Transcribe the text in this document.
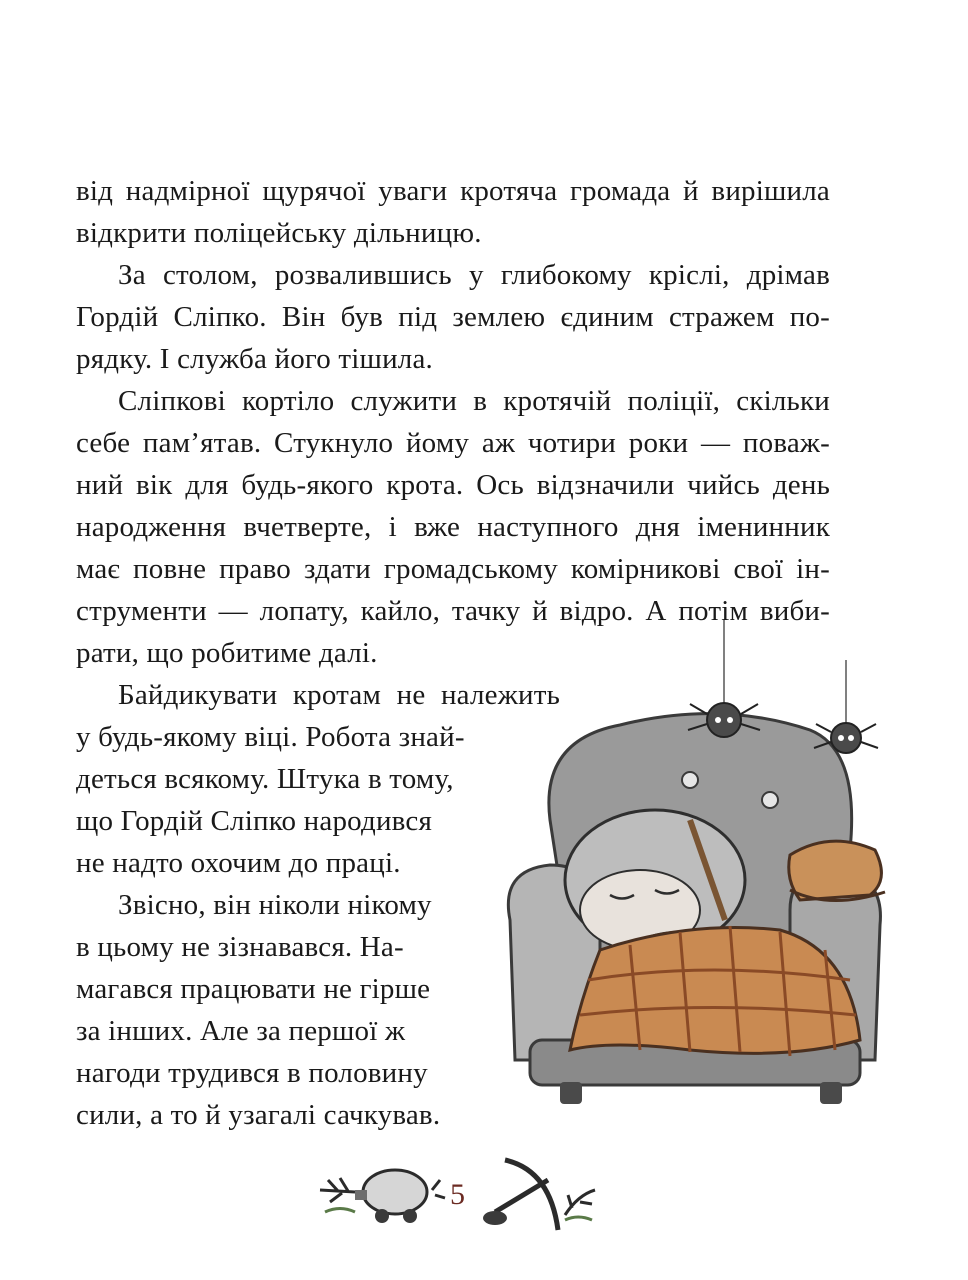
від надмірної щурячої уваги кротяча громада й вирішила
відкрити поліцейську дільницю.
За столом, розвалившись у глибокому кріслі, дрімав
Гордій Сліпко. Він був під землею єдиним стражем по-
рядку. І служба його тішила.
Сліпкові кортіло служити в кротячій поліції, скільки
себе пам’ятав. Стукнуло йому аж чотири роки — поваж-
ний вік для будь-якого крота. Ось відзначили чийсь день
народження вчетверте, і вже наступного дня іменинник
має повне право здати громадському комірникові свої ін-
струменти — лопату, кайло, тачку й відро. А потім виби-
рати, що робитиме далі.
Байдикувати кротам не належить
у будь-якому віці. Робота знай-
деться всякому. Штука в тому,
що Гордій Сліпко народився
не надто охочим до праці.
Звісно, він ніколи нікому
в цьому не зізнавався. На-
магався працювати не гірше
за інших. Але за першої ж
нагоди трудився в половину
сили, а то й узагалі сачкував.
5
